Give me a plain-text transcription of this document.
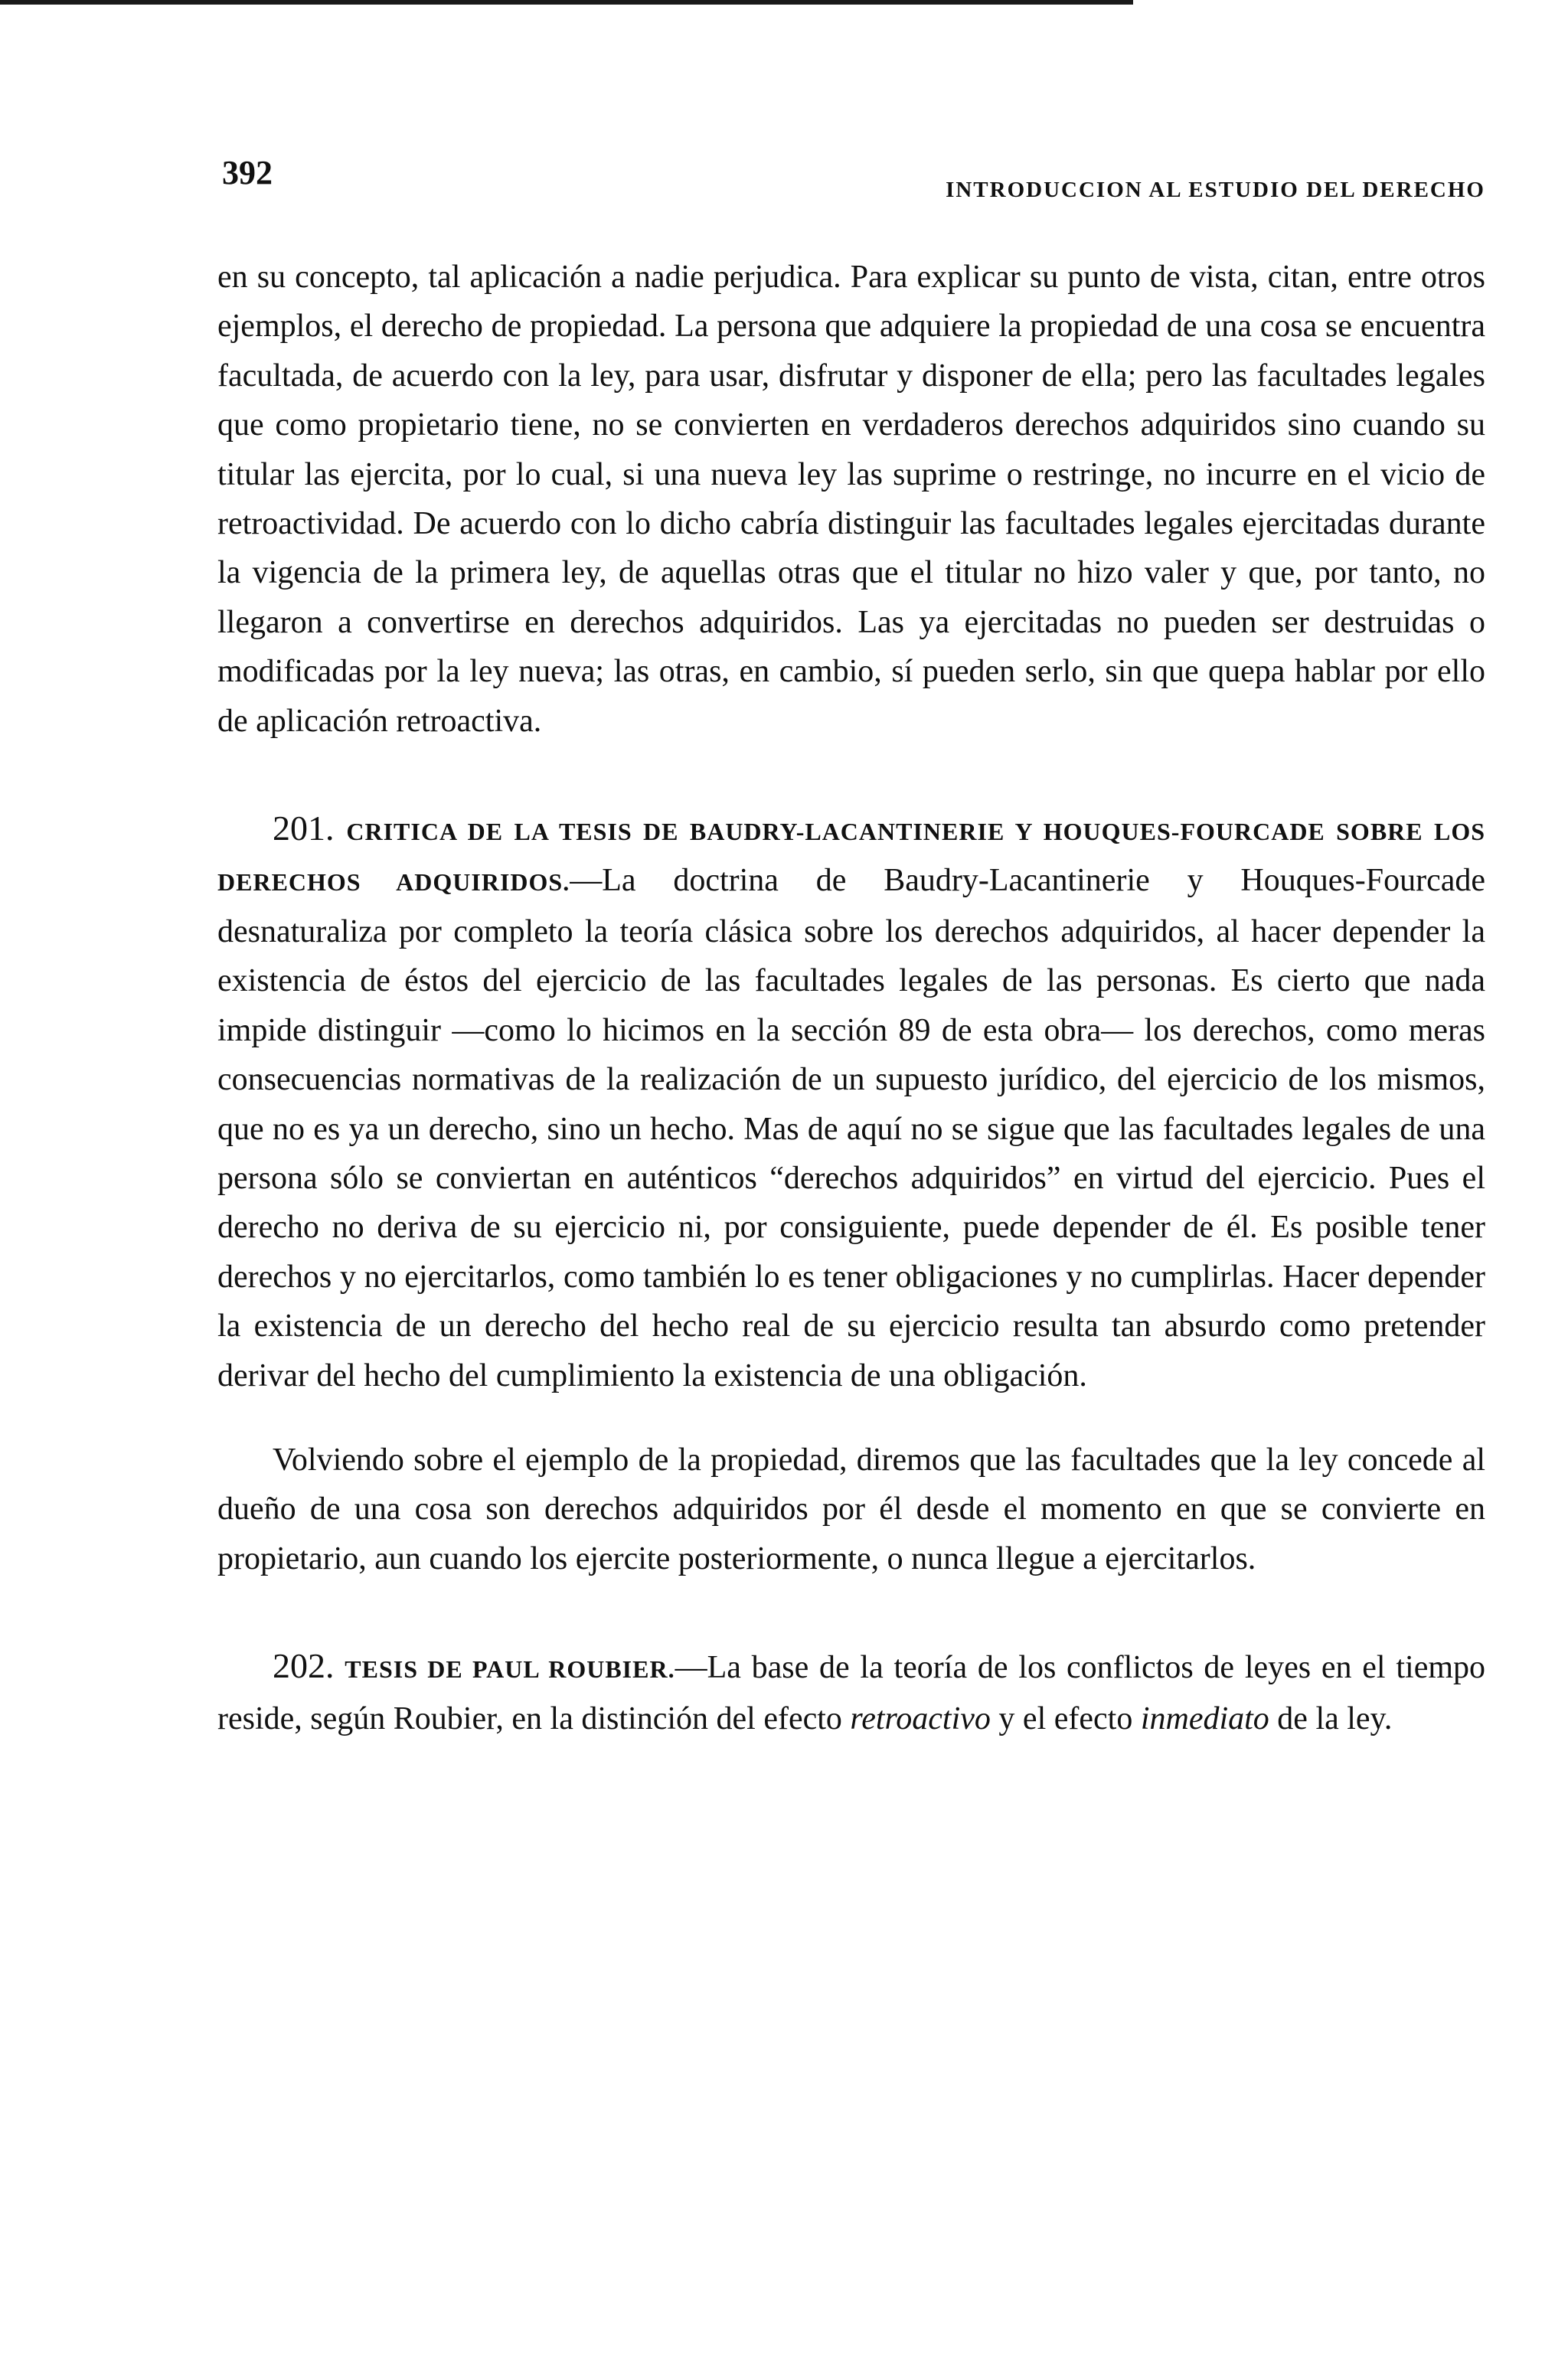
392	INTRODUCCION AL ESTUDIO DEL DERECHO

en su concepto, tal aplicación a nadie perjudica. Para explicar su punto de vista, citan, entre otros ejemplos, el derecho de propiedad. La persona que adquiere la propiedad de una cosa se encuentra facultada, de acuerdo con la ley, para usar, disfrutar y disponer de ella; pero las facultades legales que como propietario tiene, no se convierten en verdaderos derechos adquiridos sino cuando su titular las ejercita, por lo cual, si una nueva ley las suprime o restringe, no incurre en el vicio de retroactividad. De acuerdo con lo dicho cabría distinguir las facultades legales ejercitadas durante la vigencia de la primera ley, de aquellas otras que el titular no hizo valer y que, por tanto, no llegaron a convertirse en derechos adquiridos. Las ya ejercitadas no pueden ser destruidas o modificadas por la ley nueva; las otras, en cambio, sí pueden serlo, sin que quepa hablar por ello de aplicación retroactiva.

201. CRITICA DE LA TESIS DE BAUDRY-LACANTINERIE Y HOUQUES-FOURCADE SOBRE LOS DERECHOS ADQUIRIDOS.—La doctrina de Baudry-Lacantinerie y Houques-Fourcade desnaturaliza por completo la teoría clásica sobre los derechos adquiridos, al hacer depender la existencia de éstos del ejercicio de las facultades legales de las personas. Es cierto que nada impide distinguir —como lo hicimos en la sección 89 de esta obra— los derechos, como meras consecuencias normativas de la realización de un supuesto jurídico, del ejercicio de los mismos, que no es ya un derecho, sino un hecho. Mas de aquí no se sigue que las facultades legales de una persona sólo se conviertan en auténticos “derechos adquiridos” en virtud del ejercicio. Pues el derecho no deriva de su ejercicio ni, por consiguiente, puede depender de él. Es posible tener derechos y no ejercitarlos, como también lo es tener obligaciones y no cumplirlas. Hacer depender la existencia de un derecho del hecho real de su ejercicio resulta tan absurdo como pretender derivar del hecho del cumplimiento la existencia de una obligación.

Volviendo sobre el ejemplo de la propiedad, diremos que las facultades que la ley concede al dueño de una cosa son derechos adquiridos por él desde el momento en que se convierte en propietario, aun cuando los ejercite posteriormente, o nunca llegue a ejercitarlos.

202. TESIS DE PAUL ROUBIER.—La base de la teoría de los conflictos de leyes en el tiempo reside, según Roubier, en la distinción del efecto retroactivo y el efecto inmediato de la ley.
